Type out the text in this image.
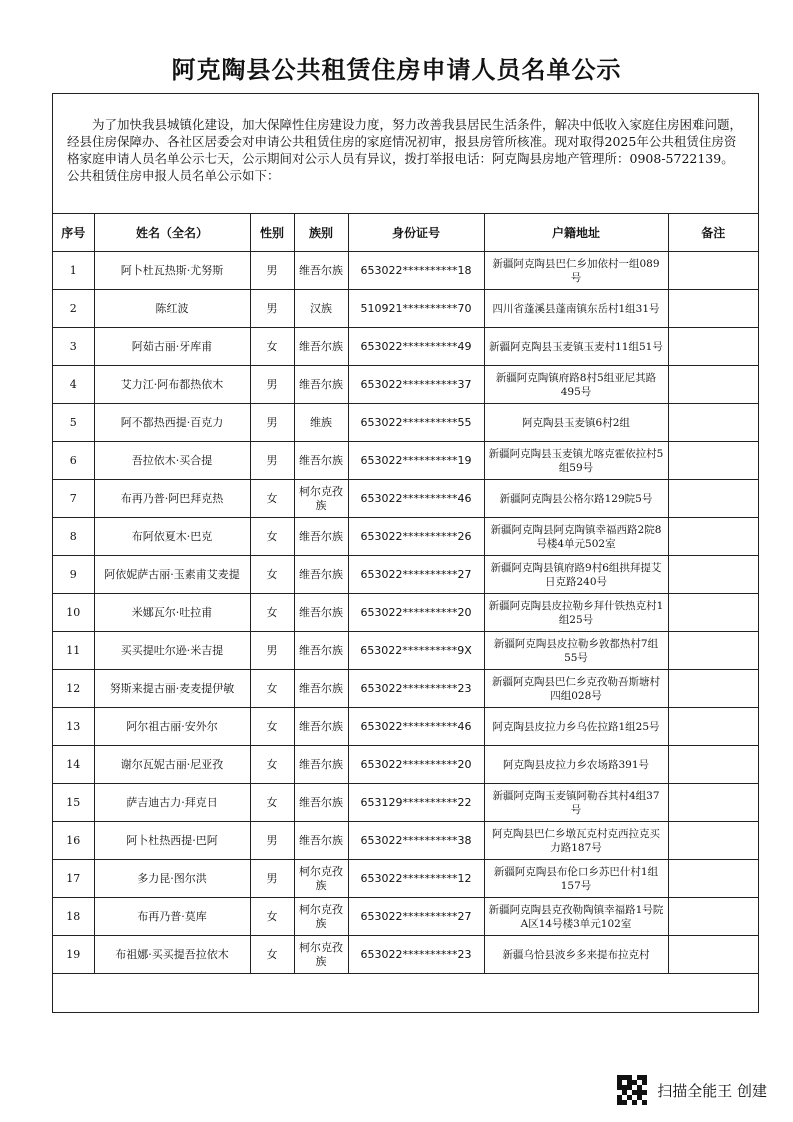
阿克陶县公共租赁住房申请人员名单公示
为了加快我县城镇化建设，加大保障性住房建设力度，努力改善我县居民生活条件，解决中低收入家庭住房困难问题，经县住房保障办、各社区居委会对申请公共租赁住房的家庭情况初审，报县房管所核准。现对取得2025年公共租赁住房资格家庭申请人员名单公示七天，公示期间对公示人员有异议，拨打举报电话：阿克陶县房地产管理所：0908-5722139。公共租赁住房申报人员名单公示如下：
序号	姓名（全名）	性别	族别	身份证号	户籍地址	备注
1	阿卜杜瓦热斯·尤努斯	男	维吾尔族	653022**********18	新疆阿克陶县巴仁乡加依村一组089号	
2	陈红波	男	汉族	510921**********70	四川省蓬溪县蓬南镇东岳村1组31号	
3	阿茹古丽·牙库甫	女	维吾尔族	653022**********49	新疆阿克陶县玉麦镇玉麦村11组51号	
4	艾力江·阿布都热依木	男	维吾尔族	653022**********37	新疆阿克陶镇府路8村5组亚尼其路495号	
5	阿不都热西提·百克力	男	维族	653022**********55	阿克陶县玉麦镇6村2组	
6	吾拉依木·买合提	男	维吾尔族	653022**********19	新疆阿克陶县玉麦镇尤喀克霍依拉村5组59号	
7	布再乃普·阿巴拜克热	女	柯尔克孜族	653022**********46	新疆阿克陶县公格尔路129院5号	
8	布阿依夏木·巴克	女	维吾尔族	653022**********26	新疆阿克陶县阿克陶镇幸福西路2院8号楼4单元502室	
9	阿依妮萨古丽·玉素甫艾麦提	女	维吾尔族	653022**********27	新疆阿克陶县镇府路9村6组拱拜提艾日克路240号	
10	米娜瓦尔·吐拉甫	女	维吾尔族	653022**********20	新疆阿克陶县皮拉勒乡拜什铁热克村1组25号	
11	买买提吐尔逊·米吉提	男	维吾尔族	653022**********9X	新疆阿克陶县皮拉勒乡敦都热村7组55号	
12	努斯来提古丽·麦麦提伊敏	女	维吾尔族	653022**********23	新疆阿克陶县巴仁乡克孜勒吾斯塘村四组028号	
13	阿尔祖古丽·安外尔	女	维吾尔族	653022**********46	阿克陶县皮拉力乡乌佐拉路1组25号	
14	谢尔瓦妮古丽·尼亚孜	女	维吾尔族	653022**********20	阿克陶县皮拉力乡农场路391号	
15	萨吉迪古力·拜克日	女	维吾尔族	653129**********22	新疆阿克陶玉麦镇阿勒吞其村4组37号	
16	阿卜杜热西提·巴阿	男	维吾尔族	653022**********38	阿克陶县巴仁乡墩瓦克村克西拉克买力路187号	
17	多力昆·图尔洪	男	柯尔克孜族	653022**********12	新疆阿克陶县布伦口乡苏巴什村1组157号	
18	布再乃普·莫库	女	柯尔克孜族	653022**********27	新疆阿克陶县克孜勒陶镇幸福路1号院A区14号楼3单元102室	
19	布祖娜·买买提吾拉依木	女	柯尔克孜族	653022**********23	新疆乌恰县波乡多来提布拉克村	
扫描全能王 创建
